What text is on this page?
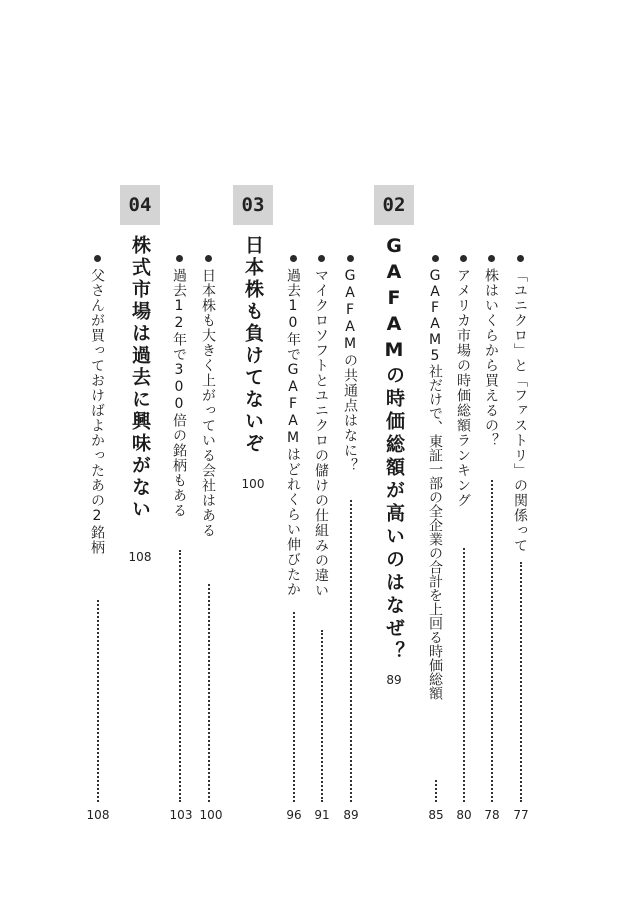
02
「ユニクロ」と「ファストリ」の関係って
77
株はいくらから買えるの？
78
アメリカ市場の時価総額ランキング
80
GAFAM5社だけで、東証一部の全企業の合計を上回る時価総額
85
GAFAMの時価総額が高いのはなぜ？
89
GAFAMの共通点はなに？
89
マイクロソフトとユニクロの儲けの仕組みの違い
91
過去10年でGAFAMはどれくらい伸びたか
96
03
日本株も負けてないぞ
100
日本株も大きく上がっている会社はある
100
過去12年で300倍の銘柄もある
103
04
株式市場は過去に興味がない
108
父さんが買っておけばよかったあの2銘柄
108
